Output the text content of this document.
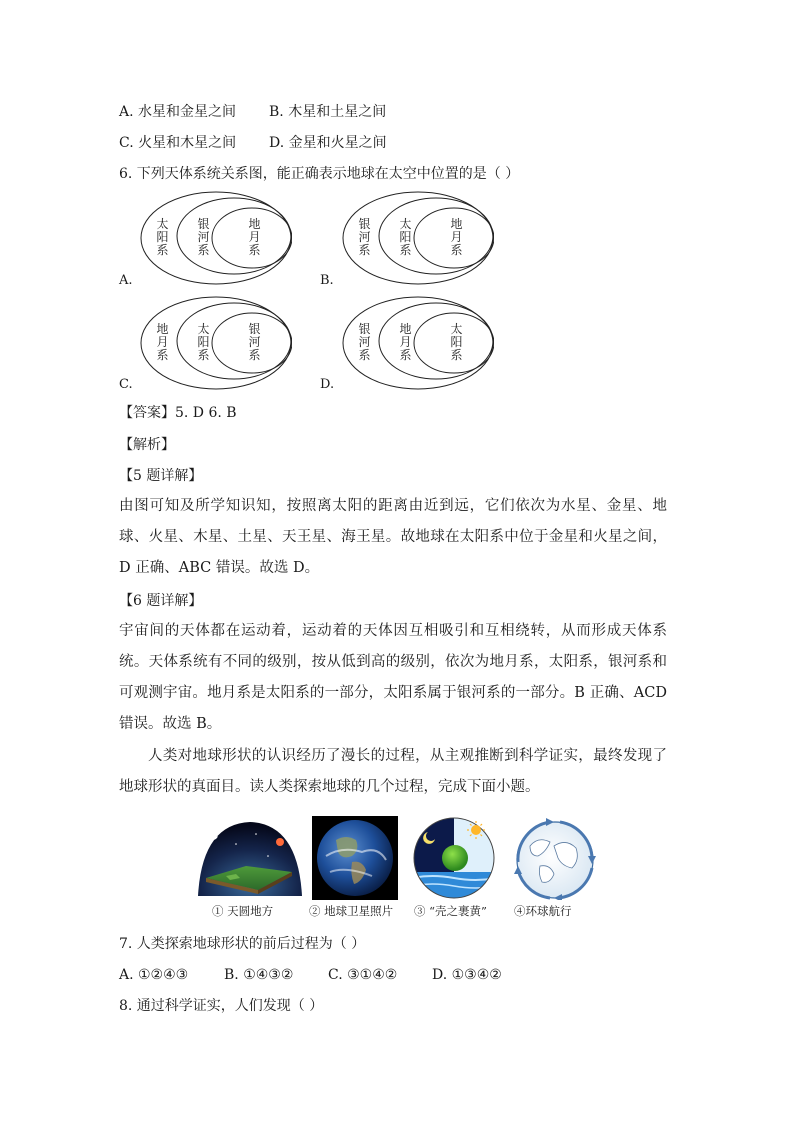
A. 水星和金星之间 B. 木星和土星之间
C. 火星和木星之间 D. 金星和火星之间
6. 下列天体系统关系图，能正确表示地球在太空中位置的是（ ）
太阳系
银河系
地月系
银河系
太阳系
地月系
地月系
太阳系
银河系
银河系
地月系
太阳系
A.	B.
C.	D.
【答案】5. D 6. B
【解析】
【5 题详解】
由图可知及所学知识知，按照离太阳的距离由近到远，它们依次为水星、金星、地球、火星、木星、土星、天王星、海王星。故地球在太阳系中位于金星和火星之间，D 正确、ABC 错误。故选 D。
【6 题详解】
宇宙间的天体都在运动着，运动着的天体因互相吸引和互相绕转，从而形成天体系统。天体系统有不同的级别，按从低到高的级别，依次为地月系，太阳系，银河系和可观测宇宙。地月系是太阳系的一部分，太阳系属于银河系的一部分。B 正确、ACD 错误。故选 B。
人类对地球形状的认识经历了漫长的过程，从主观推断到科学证实，最终发现了地球形状的真面目。读人类探索地球的几个过程，完成下面小题。
① 天圆地方	② 地球卫星照片 ③ “壳之裹黄” ④环球航行
7. 人类探索地球形状的前后过程为（ ）
A. ①②④③	B. ①④③② C. ③①④② D. ①③④②
8. 通过科学证实，人们发现（ ）
